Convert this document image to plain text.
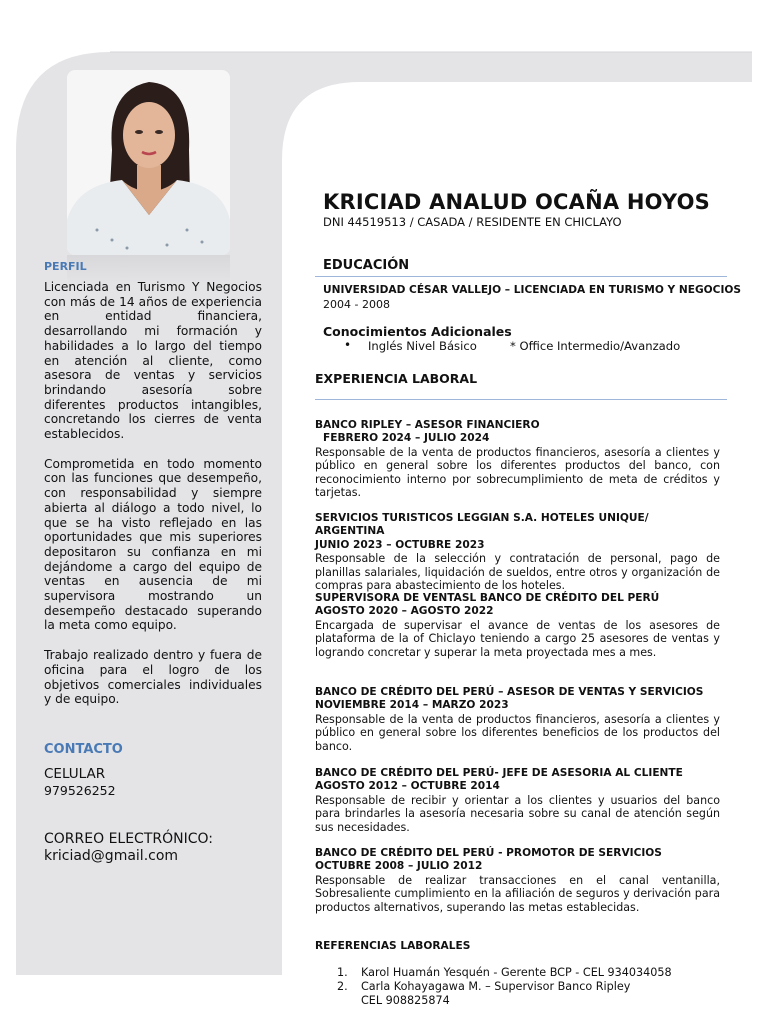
PERFIL

Licenciada en Turismo Y Negocios con más de 14 años de experiencia en entidad financiera, desarrollando mi formación y habilidades a lo largo del tiempo en atención al cliente, como asesora de ventas y servicios brindando asesoría sobre diferentes productos intangibles, concretando los cierres de venta establecidos.

Comprometida en todo momento con las funciones que desempeño, con responsabilidad y siempre abierta al diálogo a todo nivel, lo que se ha visto reflejado en las oportunidades que mis superiores depositaron su confianza en mi dejándome a cargo del equipo de ventas en ausencia de mi supervisora mostrando un desempeño destacado superando la meta como equipo.

Trabajo realizado dentro y fuera de oficina para el logro de los objetivos comerciales individuales y de equipo.

CONTACTO
CELULAR
979526252
CORREO ELECTRÓNICO:
kriciad@gmail.com
KRICIAD ANALUD OCAÑA HOYOS
DNI 44519513 / CASADA / RESIDENTE EN CHICLAYO
EDUCACIÓN
UNIVERSIDAD CÉSAR VALLEJO – LICENCIADA EN TURISMO Y NEGOCIOS
2004 - 2008
Conocimientos Adicionales
• Inglés Nivel Básico	* Office Intermedio/Avanzado
EXPERIENCIA LABORAL
BANCO RIPLEY – ASESOR FINANCIERO
FEBRERO 2024 – JULIO 2024
Responsable de la venta de productos financieros, asesoría a clientes y público en general sobre los diferentes productos del banco, con reconocimiento interno por sobrecumplimiento de meta de créditos y tarjetas.
SERVICIOS TURISTICOS LEGGIAN S.A. HOTELES UNIQUE/ ARGENTINA
JUNIO 2023 – OCTUBRE 2023
Responsable de la selección y contratación de personal, pago de planillas salariales, liquidación de sueldos, entre otros y organización de compras para abastecimiento de los hoteles.
SUPERVISORA DE VENTASL BANCO DE CRÉDITO DEL PERÚ
AGOSTO 2020 – AGOSTO 2022
Encargada de supervisar el avance de ventas de los asesores de plataforma de la of Chiclayo teniendo a cargo 25 asesores de ventas y logrando concretar y superar la meta proyectada mes a mes.
BANCO DE CRÉDITO DEL PERÚ – ASESOR DE VENTAS Y SERVICIOS
NOVIEMBRE 2014 – MARZO 2023
Responsable de la venta de productos financieros, asesoría a clientes y público en general sobre los diferentes beneficios de los productos del banco.
BANCO DE CRÉDITO DEL PERÚ- JEFE DE ASESORIA AL CLIENTE
AGOSTO 2012 – OCTUBRE 2014
Responsable de recibir y orientar a los clientes y usuarios del banco para brindarles la asesoría necesaria sobre su canal de atención según sus necesidades.
BANCO DE CRÉDITO DEL PERÚ - PROMOTOR DE SERVICIOS
OCTUBRE 2008 – JULIO 2012
Responsable de realizar transacciones en el canal ventanilla, Sobresaliente cumplimiento en la afiliación de seguros y derivación para productos alternativos, superando las metas establecidas.
REFERENCIAS LABORALES
1. Karol Huamán Yesquén - Gerente BCP - CEL 934034058
2. Carla Kohayagawa M. – Supervisor Banco Ripley
CEL 908825874
